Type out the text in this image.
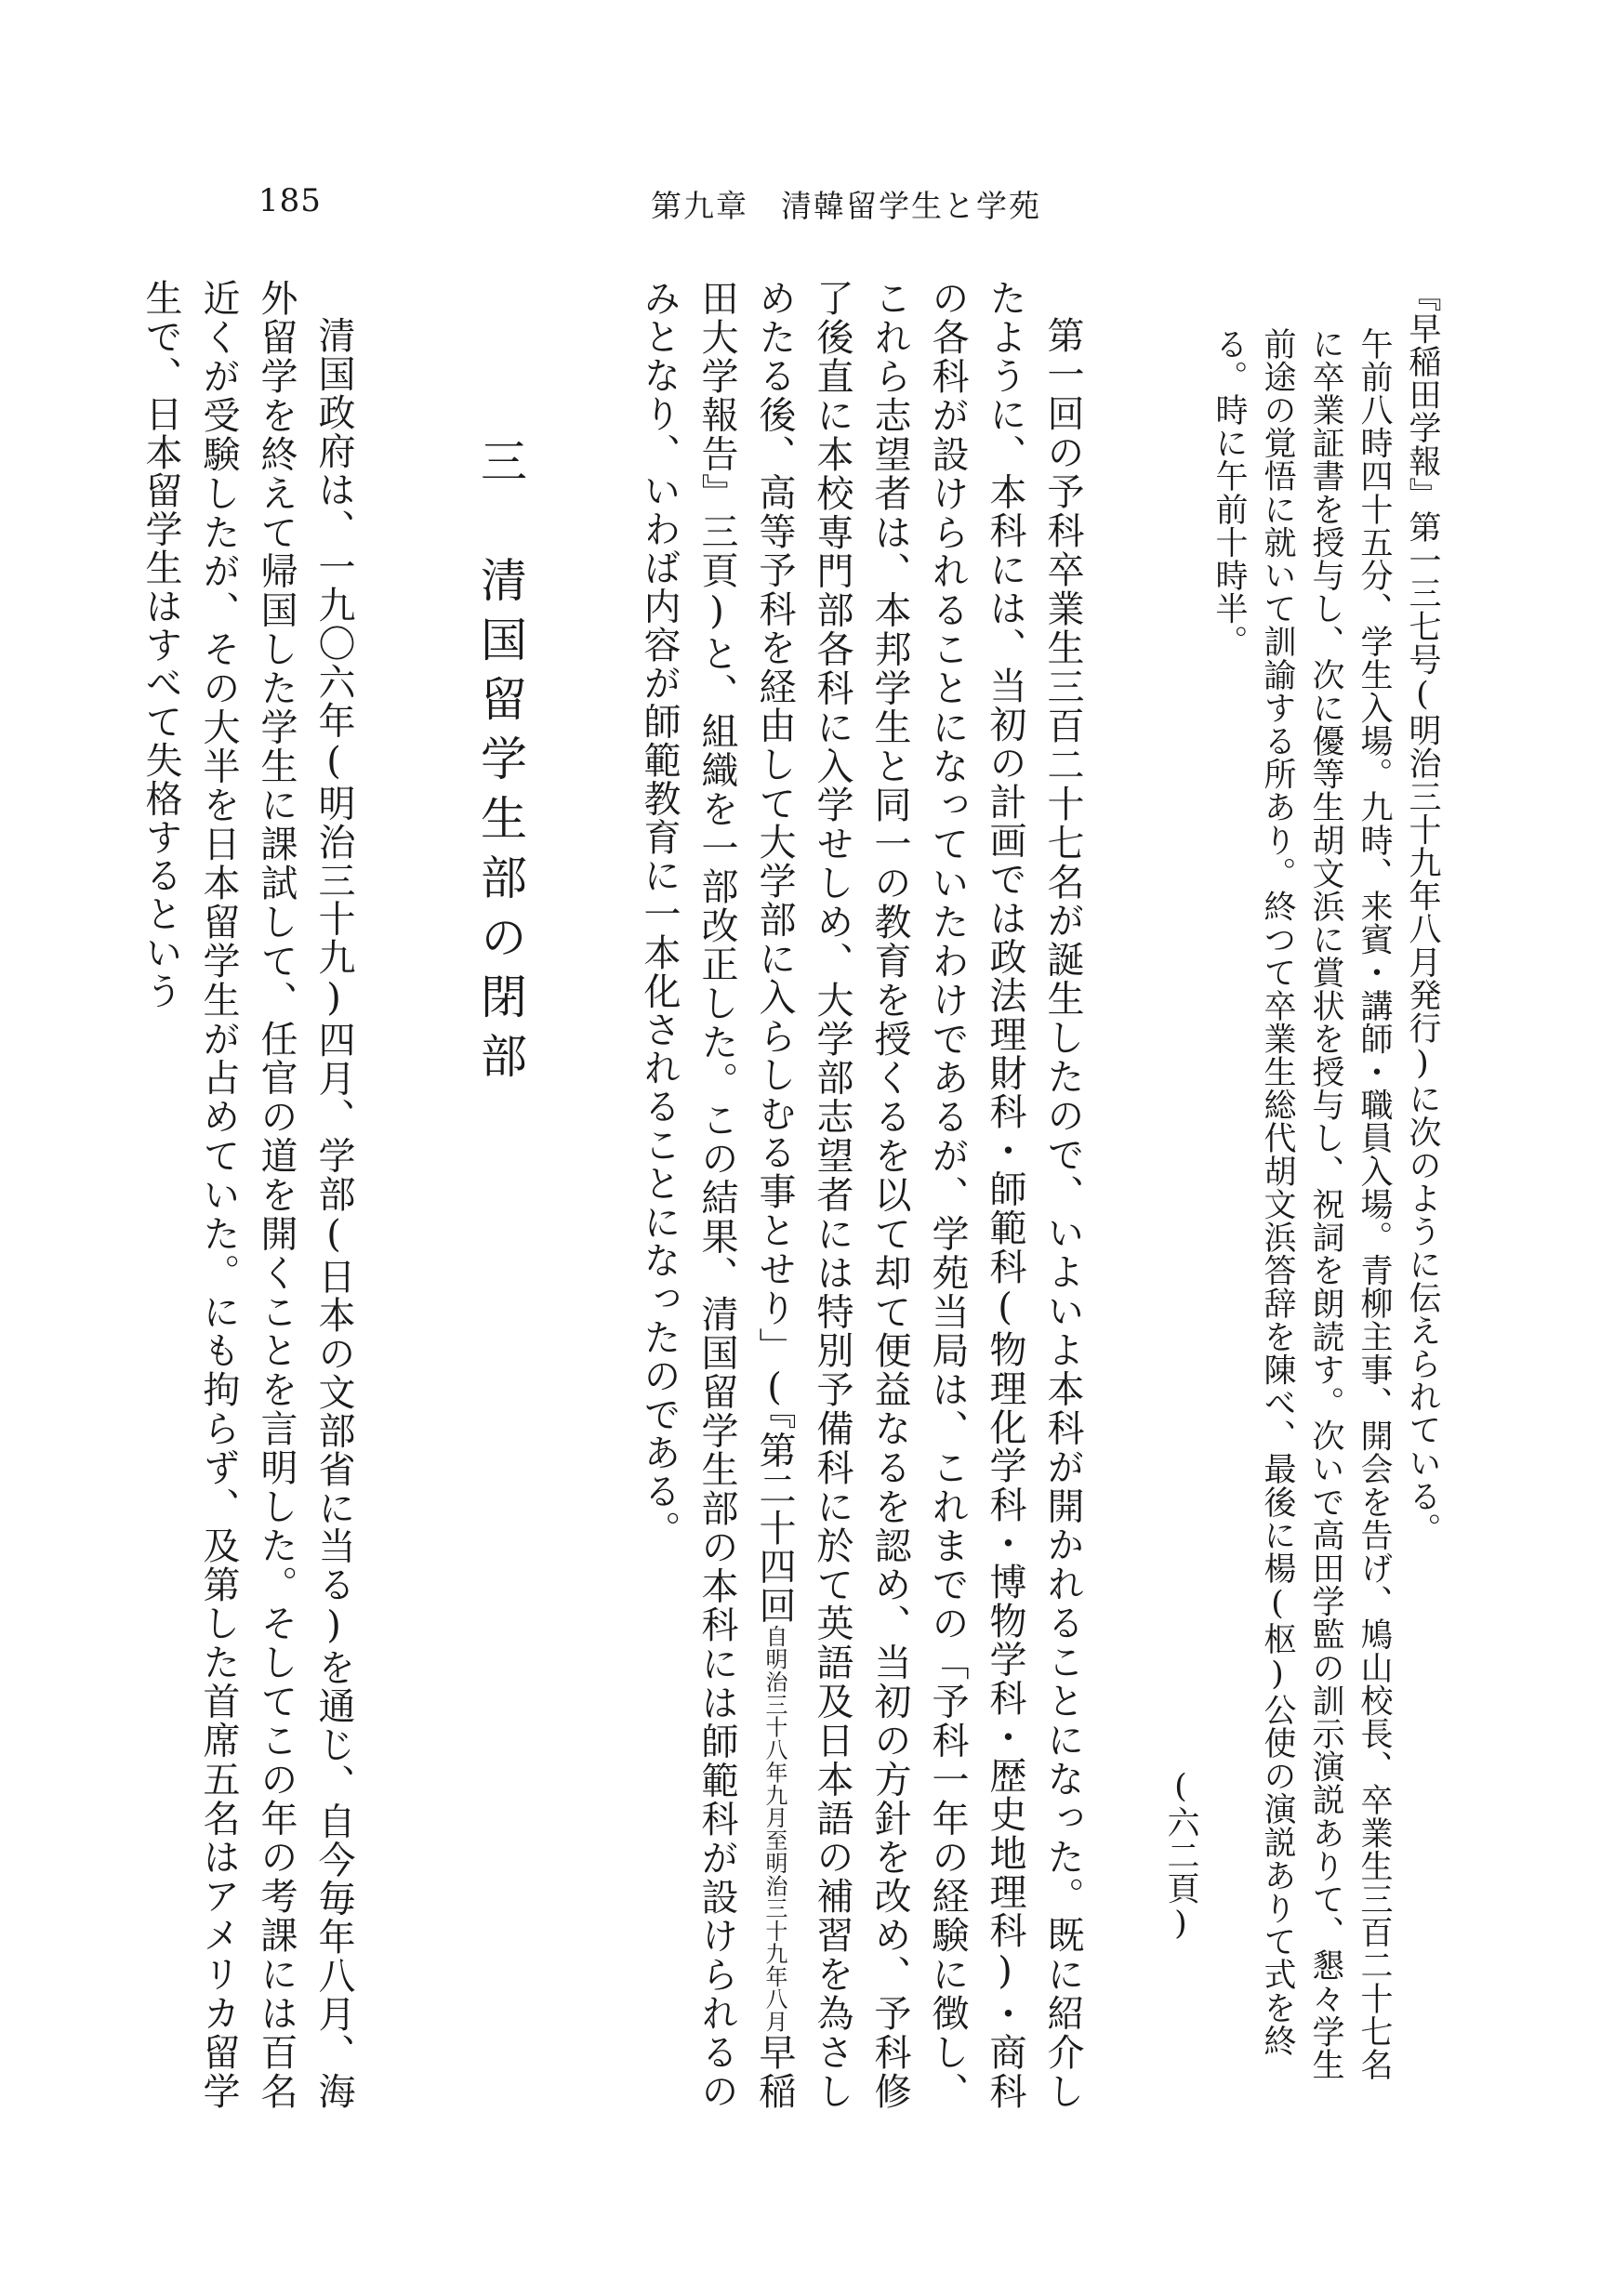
185	第九章　清韓留学生と学苑
『早稲田学報』第一三七号(明治三十九年八月発行)に次のように伝えられている。
午前八時四十五分、学生入場。九時、来賓・講師・職員入場。青柳主事、開会を告げ、鳩山校長、卒業生三百二十七名に卒業証書を授与し、次に優等生胡文浜に賞状を授与し、祝詞を朗読す。次いで高田学監の訓示演説ありて、懇々学生前途の覚悟に就いて訓諭する所あり。終つて卒業生総代胡文浜答辞を陳べ、最後に楊(枢)公使の演説ありて式を終る。時に午前十時半。
(六二頁)

第一回の予科卒業生三百二十七名が誕生したので、いよいよ本科が開かれることになった。既に紹介したように、本科には、当初の計画では政法理財科・師範科(物理化学科・博物学科・歴史地理科)・商科の各科が設けられることになっていたわけであるが、学苑当局は、これまでの「予科一年の経験に徴し、これら志望者は、本邦学生と同一の教育を授くるを以て却て便益なるを認め、当初の方針を改め、予科修了後直に本校専門部各科に入学せしめ、大学部志望者には特別予備科に於て英語及日本語の補習を為さしめたる後、高等予科を経由して大学部に入らしむる事とせり」(『第二十四回自明治三十八年九月至明治三十九年八月早稲田大学報告』三頁)と、組織を一部改正した。この結果、清国留学生部の本科には師範科が設けられるのみとなり、いわば内容が師範教育に一本化されることになったのである。

三　清国留学生部の閉部

清国政府は、一九〇六年(明治三十九)四月、学部(日本の文部省に当る)を通じ、自今毎年八月、海外留学を終えて帰国した学生に課試して、任官の道を開くことを言明した。そしてこの年の考課には百名近くが受験したが、その大半を日本留学生が占めていた。にも拘らず、及第した首席五名はアメリカ留学生で、日本留学生はすべて失格するという
